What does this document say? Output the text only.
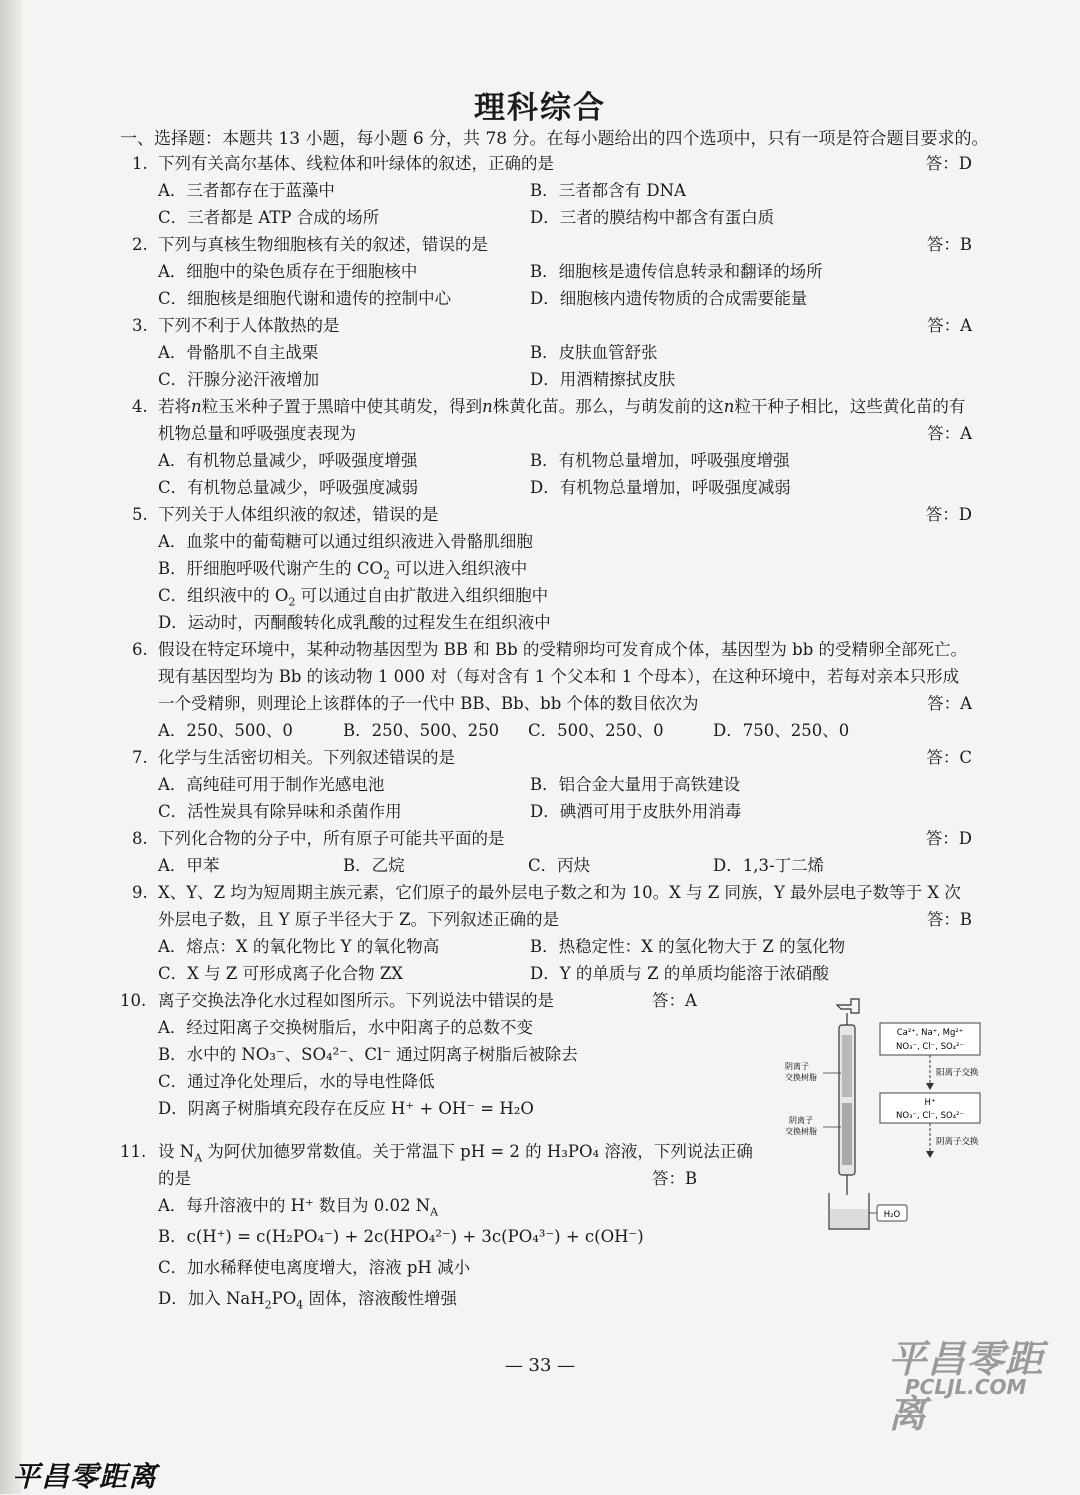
理科综合
一、选择题：本题共 13 小题，每小题 6 分，共 78 分。在每小题给出的四个选项中，只有一项是符合题目要求的。
1. 下列有关高尔基体、线粒体和叶绿体的叙述，正确的是	答：D
A．三者都存在于蓝藻中	B．三者都含有 DNA
C．三者都是 ATP 合成的场所	D．三者的膜结构中都含有蛋白质
2. 下列与真核生物细胞核有关的叙述，错误的是	答：B
A．细胞中的染色质存在于细胞核中	B．细胞核是遗传信息转录和翻译的场所
C．细胞核是细胞代谢和遗传的控制中心	D．细胞核内遗传物质的合成需要能量
3. 下列不利于人体散热的是	答：A
A．骨骼肌不自主战栗	B．皮肤血管舒张
C．汗腺分泌汗液增加	D．用酒精擦拭皮肤
4. 若将n粒玉米种子置于黑暗中使其萌发，得到n株黄化苗。那么，与萌发前的这n粒干种子相比，这些黄化苗的有机物总量和呼吸强度表现为	答：A
A．有机物总量减少，呼吸强度增强	B．有机物总量增加，呼吸强度增强
C．有机物总量减少，呼吸强度减弱	D．有机物总量增加，呼吸强度减弱
5. 下列关于人体组织液的叙述，错误的是	答：D
A．血浆中的葡萄糖可以通过组织液进入骨骼肌细胞
B．肝细胞呼吸代谢产生的 $CO_2$ 可以进入组织液中
C．组织液中的 $O_2$ 可以通过自由扩散进入组织细胞中
D．运动时，丙酮酸转化成乳酸的过程发生在组织液中
6. 假设在特定环境中，某种动物基因型为 BB 和 Bb 的受精卵均可发育成个体，基因型为 bb 的受精卵全部死亡。现有基因型均为 Bb 的该动物 1 000 对（每对含有 1 个父本和 1 个母本），在这种环境中，若每对亲本只形成一个受精卵，则理论上该群体的子一代中 BB、Bb、bb 个体的数目依次为	答：A
A．250、500、0	B．250、500、250	C．500、250、0	D．750、250、0
7. 化学与生活密切相关。下列叙述错误的是	答：C
A．高纯硅可用于制作光感电池	B．铝合金大量用于高铁建设
C．活性炭具有除异味和杀菌作用	D．碘酒可用于皮肤外用消毒
8. 下列化合物的分子中，所有原子可能共平面的是	答：D
A．甲苯	B．乙烷	C．丙炔	D．1,3-丁二烯
9. X、Y、Z 均为短周期主族元素，它们原子的最外层电子数之和为 10。X 与 Z 同族，Y 最外层电子数等于 X 次外层电子数，且 Y 原子半径大于 Z。下列叙述正确的是	答：B
A．熔点：X 的氧化物比 Y 的氧化物高	B．热稳定性：X 的氢化物大于 Z 的氢化物
C．X 与 Z 可形成离子化合物 ZX	D．Y 的单质与 Z 的单质均能溶于浓硝酸
10. 离子交换法净化水过程如图所示。下列说法中错误的是	答：A
A．经过阳离子交换树脂后，水中阳离子的总数不变
B．水中的 NO₃⁻、SO₄²⁻、Cl⁻ 通过阴离子树脂后被除去
C．通过净化处理后，水的导电性降低
D．阴离子树脂填充段存在反应 H⁺ + OH⁻ = H₂O
11. 设 $N_A$ 为阿伏加德罗常数值。关于常温下 pH = 2 的 H₃PO₄ 溶液，下列说法正确的是	答：B
A．每升溶液中的 H⁺ 数目为 0.02 $N_A$
B．c(H⁺) = c(H₂PO₄⁻) + 2c(HPO₄²⁻) + 3c(PO₄³⁻) + c(OH⁻)
C．加水稀释使电离度增大，溶液 pH 减小
D．加入 $NaH_2PO_4$ 固体，溶液酸性增强
Ca²⁺, Na⁺, Mg²⁺
NO₃⁻, Cl⁻, SO₄²⁻
阳离子交换
阴离子
交换树脂
H⁺
NO₃⁻, Cl⁻, SO₄²⁻
阴离子交换
阴离子
交换树脂
H₂O
— 33 —	平昌零距离
PCLJL.COM
平昌零距离
